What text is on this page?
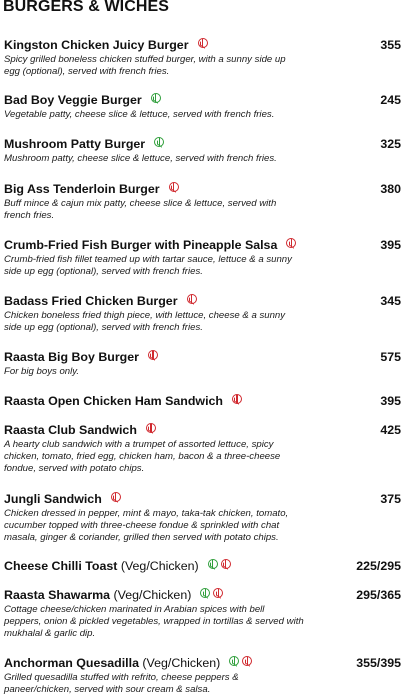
BURGERS & WICHES
Kingston Chicken Juicy Burger	355
Spicy grilled boneless chicken stuffed burger, with a sunny side up egg (optional), served with french fries.
Bad Boy Veggie Burger	245
Vegetable patty, cheese slice & lettuce, served with french fries.
Mushroom Patty Burger	325
Mushroom patty, cheese slice & lettuce, served with french fries.
Big Ass Tenderloin Burger	380
Buff mince & cajun mix patty, cheese slice & lettuce, served with french fries.
Crumb-Fried Fish Burger with Pineapple Salsa	395
Crumb-fried fish fillet teamed up with tartar sauce, lettuce & a sunny side up egg (optional), served with french fries.
Badass Fried Chicken Burger	345
Chicken boneless fried thigh piece, with lettuce, cheese & a sunny side up egg (optional), served with french fries.
Raasta Big Boy Burger	575
For big boys only.
Raasta Open Chicken Ham Sandwich	395
Raasta Club Sandwich	425
A hearty club sandwich with a trumpet of assorted lettuce, spicy chicken, tomato, fried egg, chicken ham, bacon & a three-cheese fondue, served with potato chips.
Jungli Sandwich	375
Chicken dressed in pepper, mint & mayo, taka-tak chicken, tomato, cucumber topped with three-cheese fondue & sprinkled with chat masala, ginger & coriander, grilled then served with potato chips.
Cheese Chilli Toast (Veg/Chicken)	225/295
Raasta Shawarma (Veg/Chicken)	295/365
Cottage cheese/chicken marinated in Arabian spices with bell peppers, onion & pickled vegetables, wrapped in tortillas & served with mukhalal & garlic dip.
Anchorman Quesadilla (Veg/Chicken)	355/395
Grilled quesadilla stuffed with refrito, cheese peppers & paneer/chicken, served with sour cream & salsa.
